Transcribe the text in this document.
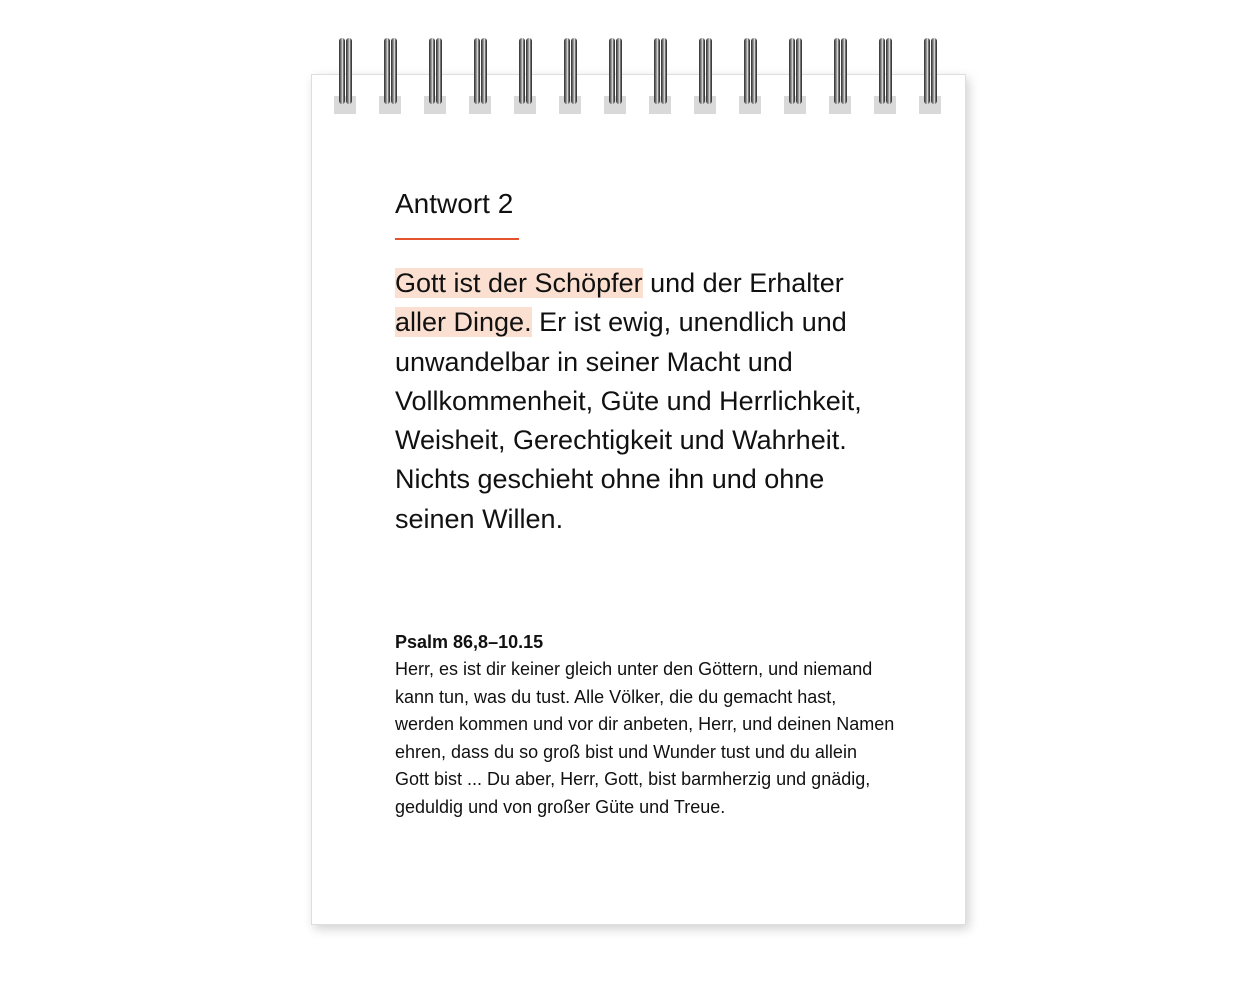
Antwort 2

Gott ist der Schöpfer und der Erhalter aller Dinge. Er ist ewig, unendlich und unwandelbar in seiner Macht und Vollkommenheit, Güte und Herrlichkeit, Weisheit, Gerechtigkeit und Wahrheit. Nichts geschieht ohne ihn und ohne seinen Willen.

Psalm 86,8–10.15

Herr, es ist dir keiner gleich unter den Göttern, und niemand kann tun, was du tust. Alle Völker, die du gemacht hast, werden kommen und vor dir anbeten, Herr, und deinen Namen ehren, dass du so groß bist und Wunder tust und du allein Gott bist ... Du aber, Herr, Gott, bist barmherzig und gnädig, geduldig und von großer Güte und Treue.
